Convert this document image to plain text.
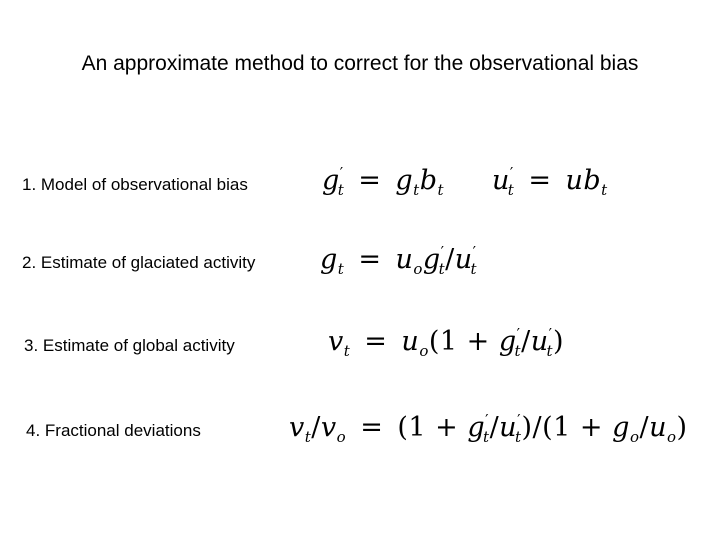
An approximate method to correct for the observational bias
1. Model of observational bias	$g'_t = g_tb_t$ $u'_t = ub_t$
2. Estimate of glaciated activity $g_t = u_og'_t/u'_t$
3. Estimate of global activity	$v_t = u_o(1 + g'_t/u'_t)$
4. Fractional deviations	$v_t/v_o = (1 + g'_t/u'_t)/(1 + g_o/u_o)$
